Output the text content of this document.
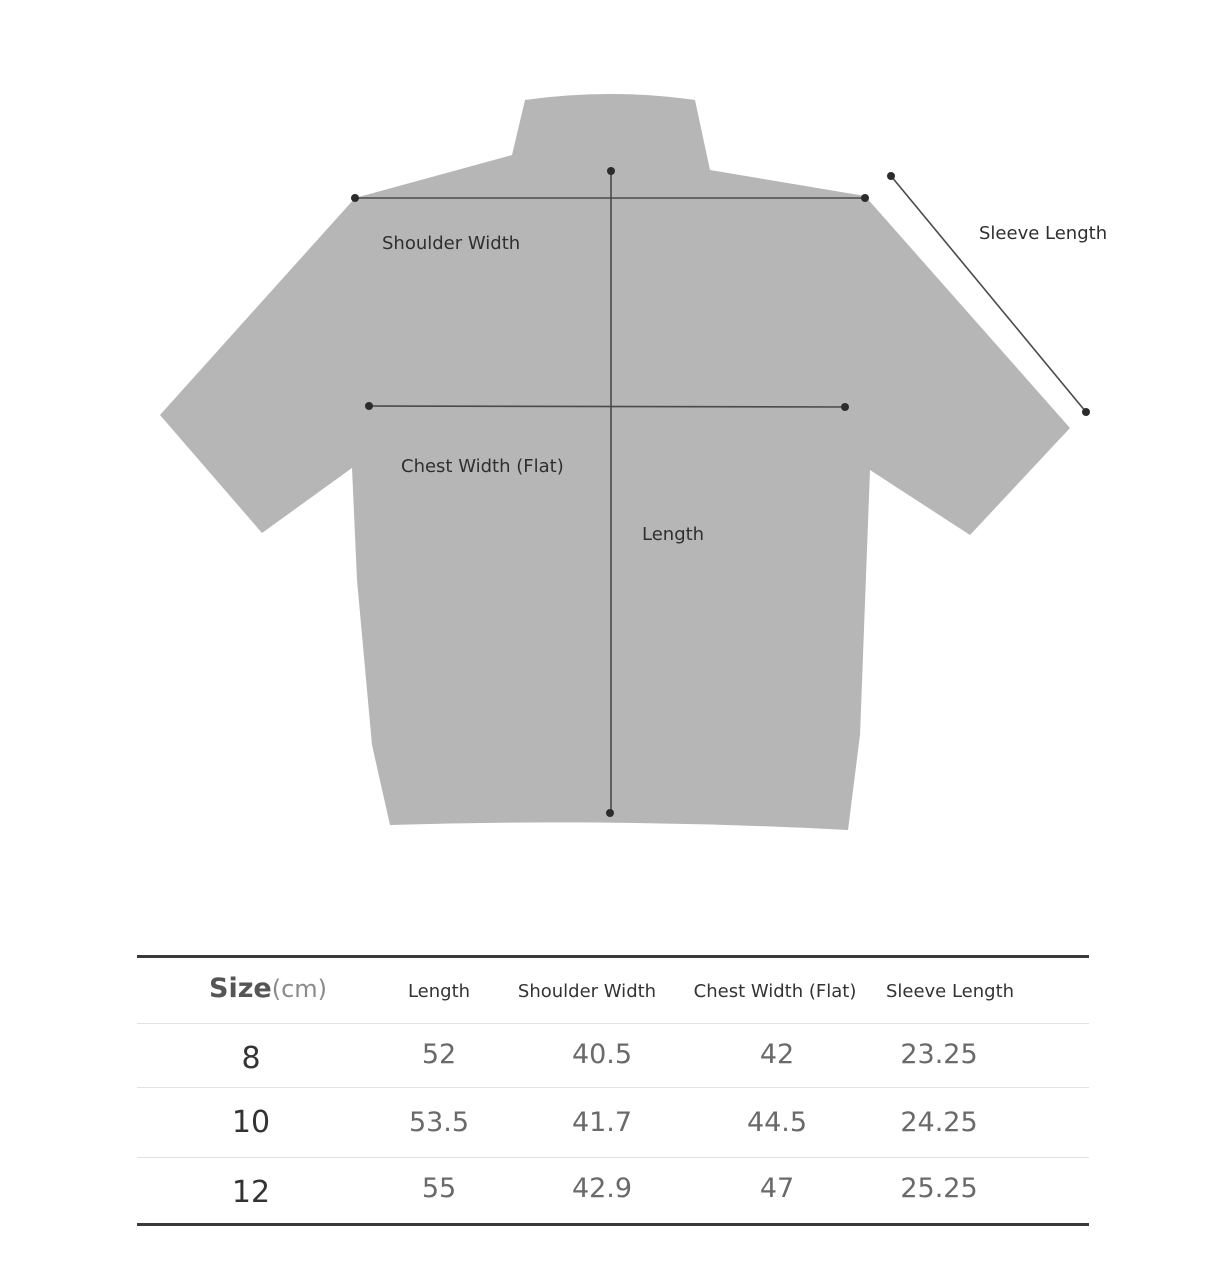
Shoulder Width
Chest Width (Flat)
Length
Sleeve Length
Size(cm)	Length	Shoulder Width	Chest Width (Flat)	Sleeve Length
8	52	40.5	42	23.25
10	53.5	41.7	44.5	24.25
12	55	42.9	47	25.25
